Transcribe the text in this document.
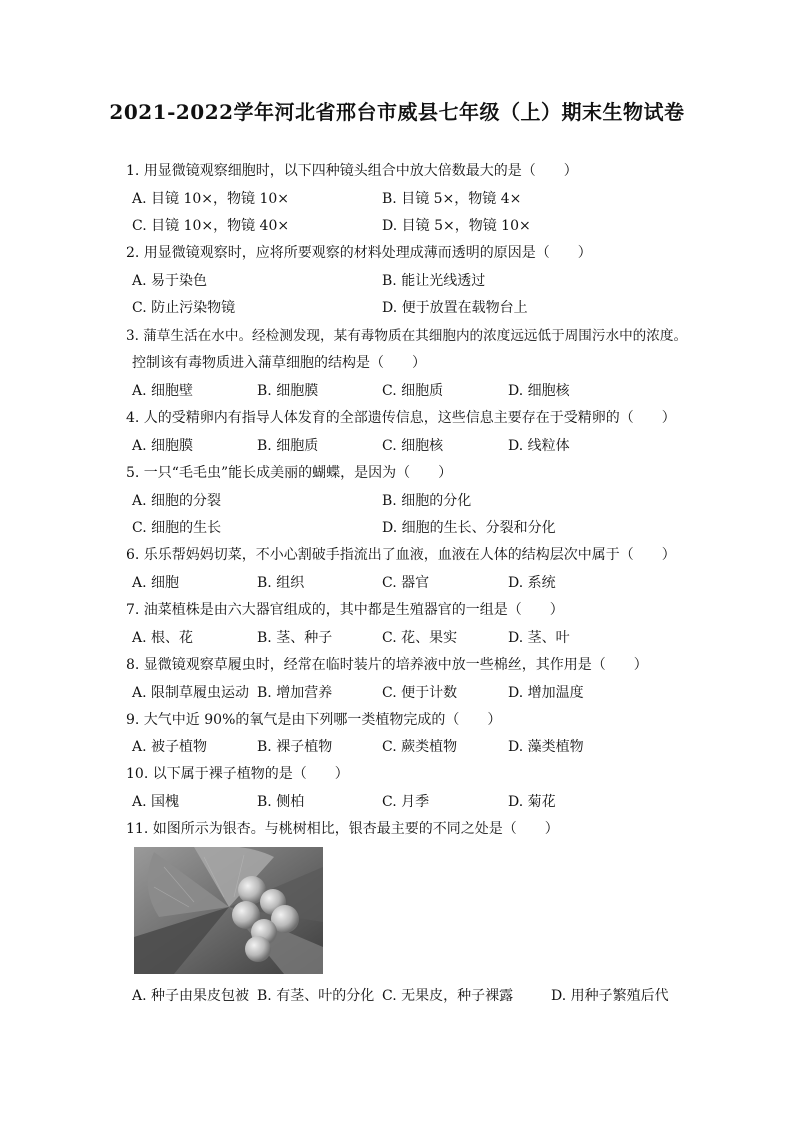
2021-2022学年河北省邢台市威县七年级（上）期末生物试卷
1. 用显微镜观察细胞时，以下四种镜头组合中放大倍数最大的是（　　）
A. 目镜 10×，物镜 10×	B. 目镜 5×，物镜 4×
C. 目镜 10×，物镜 40×	D. 目镜 5×，物镜 10×
2. 用显微镜观察时，应将所要观察的材料处理成薄而透明的原因是（　　）
A. 易于染色	B. 能让光线透过
C. 防止污染物镜	D. 便于放置在载物台上
3. 蒲草生活在水中。经检测发现，某有毒物质在其细胞内的浓度远远低于周围污水中的浓度。
控制该有毒物质进入蒲草细胞的结构是（　　）
A. 细胞壁	B. 细胞膜	C. 细胞质	D. 细胞核
4. 人的受精卵内有指导人体发育的全部遗传信息，这些信息主要存在于受精卵的（　　）
A. 细胞膜	B. 细胞质	C. 细胞核	D. 线粒体
5. 一只“毛毛虫”能长成美丽的蝴蝶，是因为（　　）
A. 细胞的分裂	B. 细胞的分化
C. 细胞的生长	D. 细胞的生长、分裂和分化
6. 乐乐帮妈妈切菜，不小心割破手指流出了血液，血液在人体的结构层次中属于（　　）
A. 细胞	B. 组织	C. 器官	D. 系统
7. 油菜植株是由六大器官组成的，其中都是生殖器官的一组是（　　）
A. 根、花	B. 茎、种子	C. 花、果实	D. 茎、叶
8. 显微镜观察草履虫时，经常在临时装片的培养液中放一些棉丝，其作用是（　　）
A. 限制草履虫运动 B. 增加营养	C. 便于计数	D. 增加温度
9. 大气中近 90%的氧气是由下列哪一类植物完成的（　　）
A. 被子植物	B. 裸子植物	C. 蕨类植物	D. 藻类植物
10. 以下属于裸子植物的是（　　）
A. 国槐	B. 侧柏	C. 月季	D. 菊花
11. 如图所示为银杏。与桃树相比，银杏最主要的不同之处是（　　）
A. 种子由果皮包被 B. 有茎、叶的分化 C. 无果皮，种子裸露	D. 用种子繁殖后代
